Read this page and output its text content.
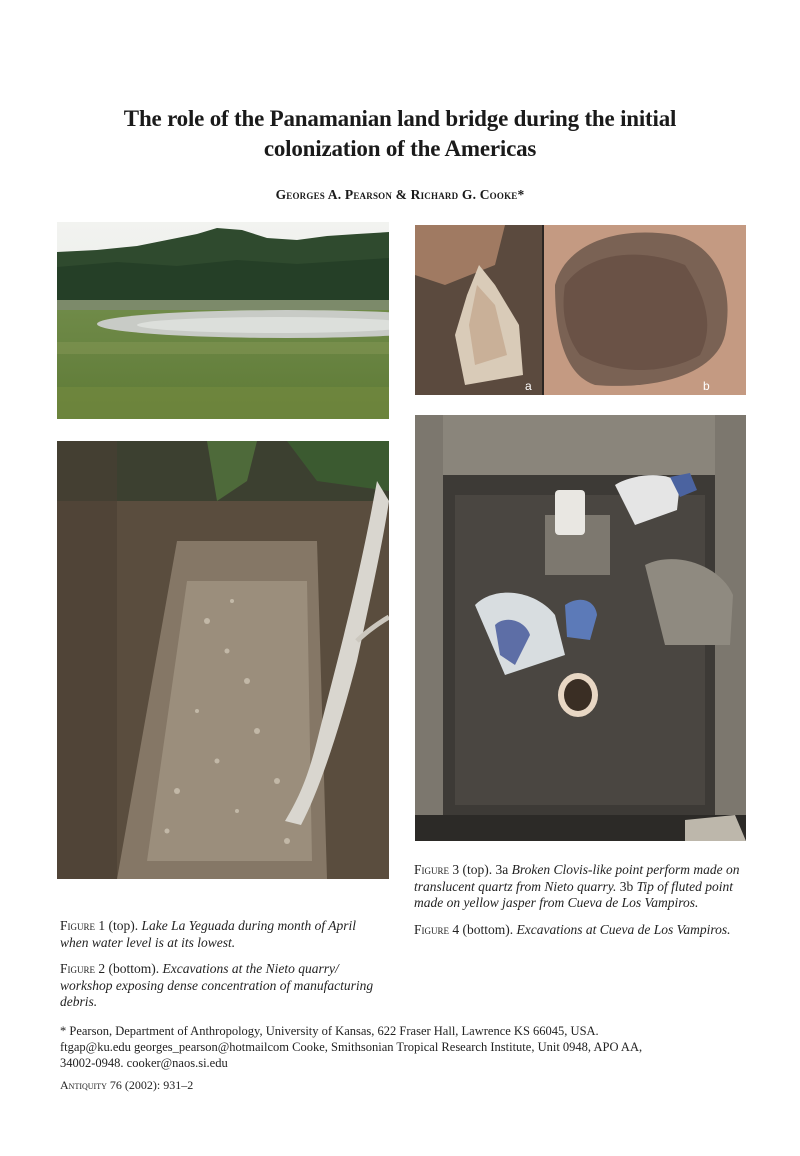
The role of the Panamanian land bridge during the initial
colonization of the Americas
Georges A. Pearson & Richard G. Cooke*
a	b
Figure 1 (top). Lake La Yeguada during month of April when water level is at its lowest.
Figure 2 (bottom). Excavations at the Nieto quarry/ workshop exposing dense concentration of manufacturing debris.
Figure 3 (top). 3a Broken Clovis-like point perform made on translucent quartz from Nieto quarry. 3b Tip of fluted point made on yellow jasper from Cueva de Los Vampiros.
Figure 4 (bottom). Excavations at Cueva de Los Vampiros.
* Pearson, Department of Anthropology, University of Kansas, 622 Fraser Hall, Lawrence KS 66045, USA.
ftgap@ku.edu georges_pearson@hotmailcom Cooke, Smithsonian Tropical Research Institute, Unit 0948, APO AA,
34002-0948. cooker@naos.si.edu
Antiquity 76 (2002): 931–2
